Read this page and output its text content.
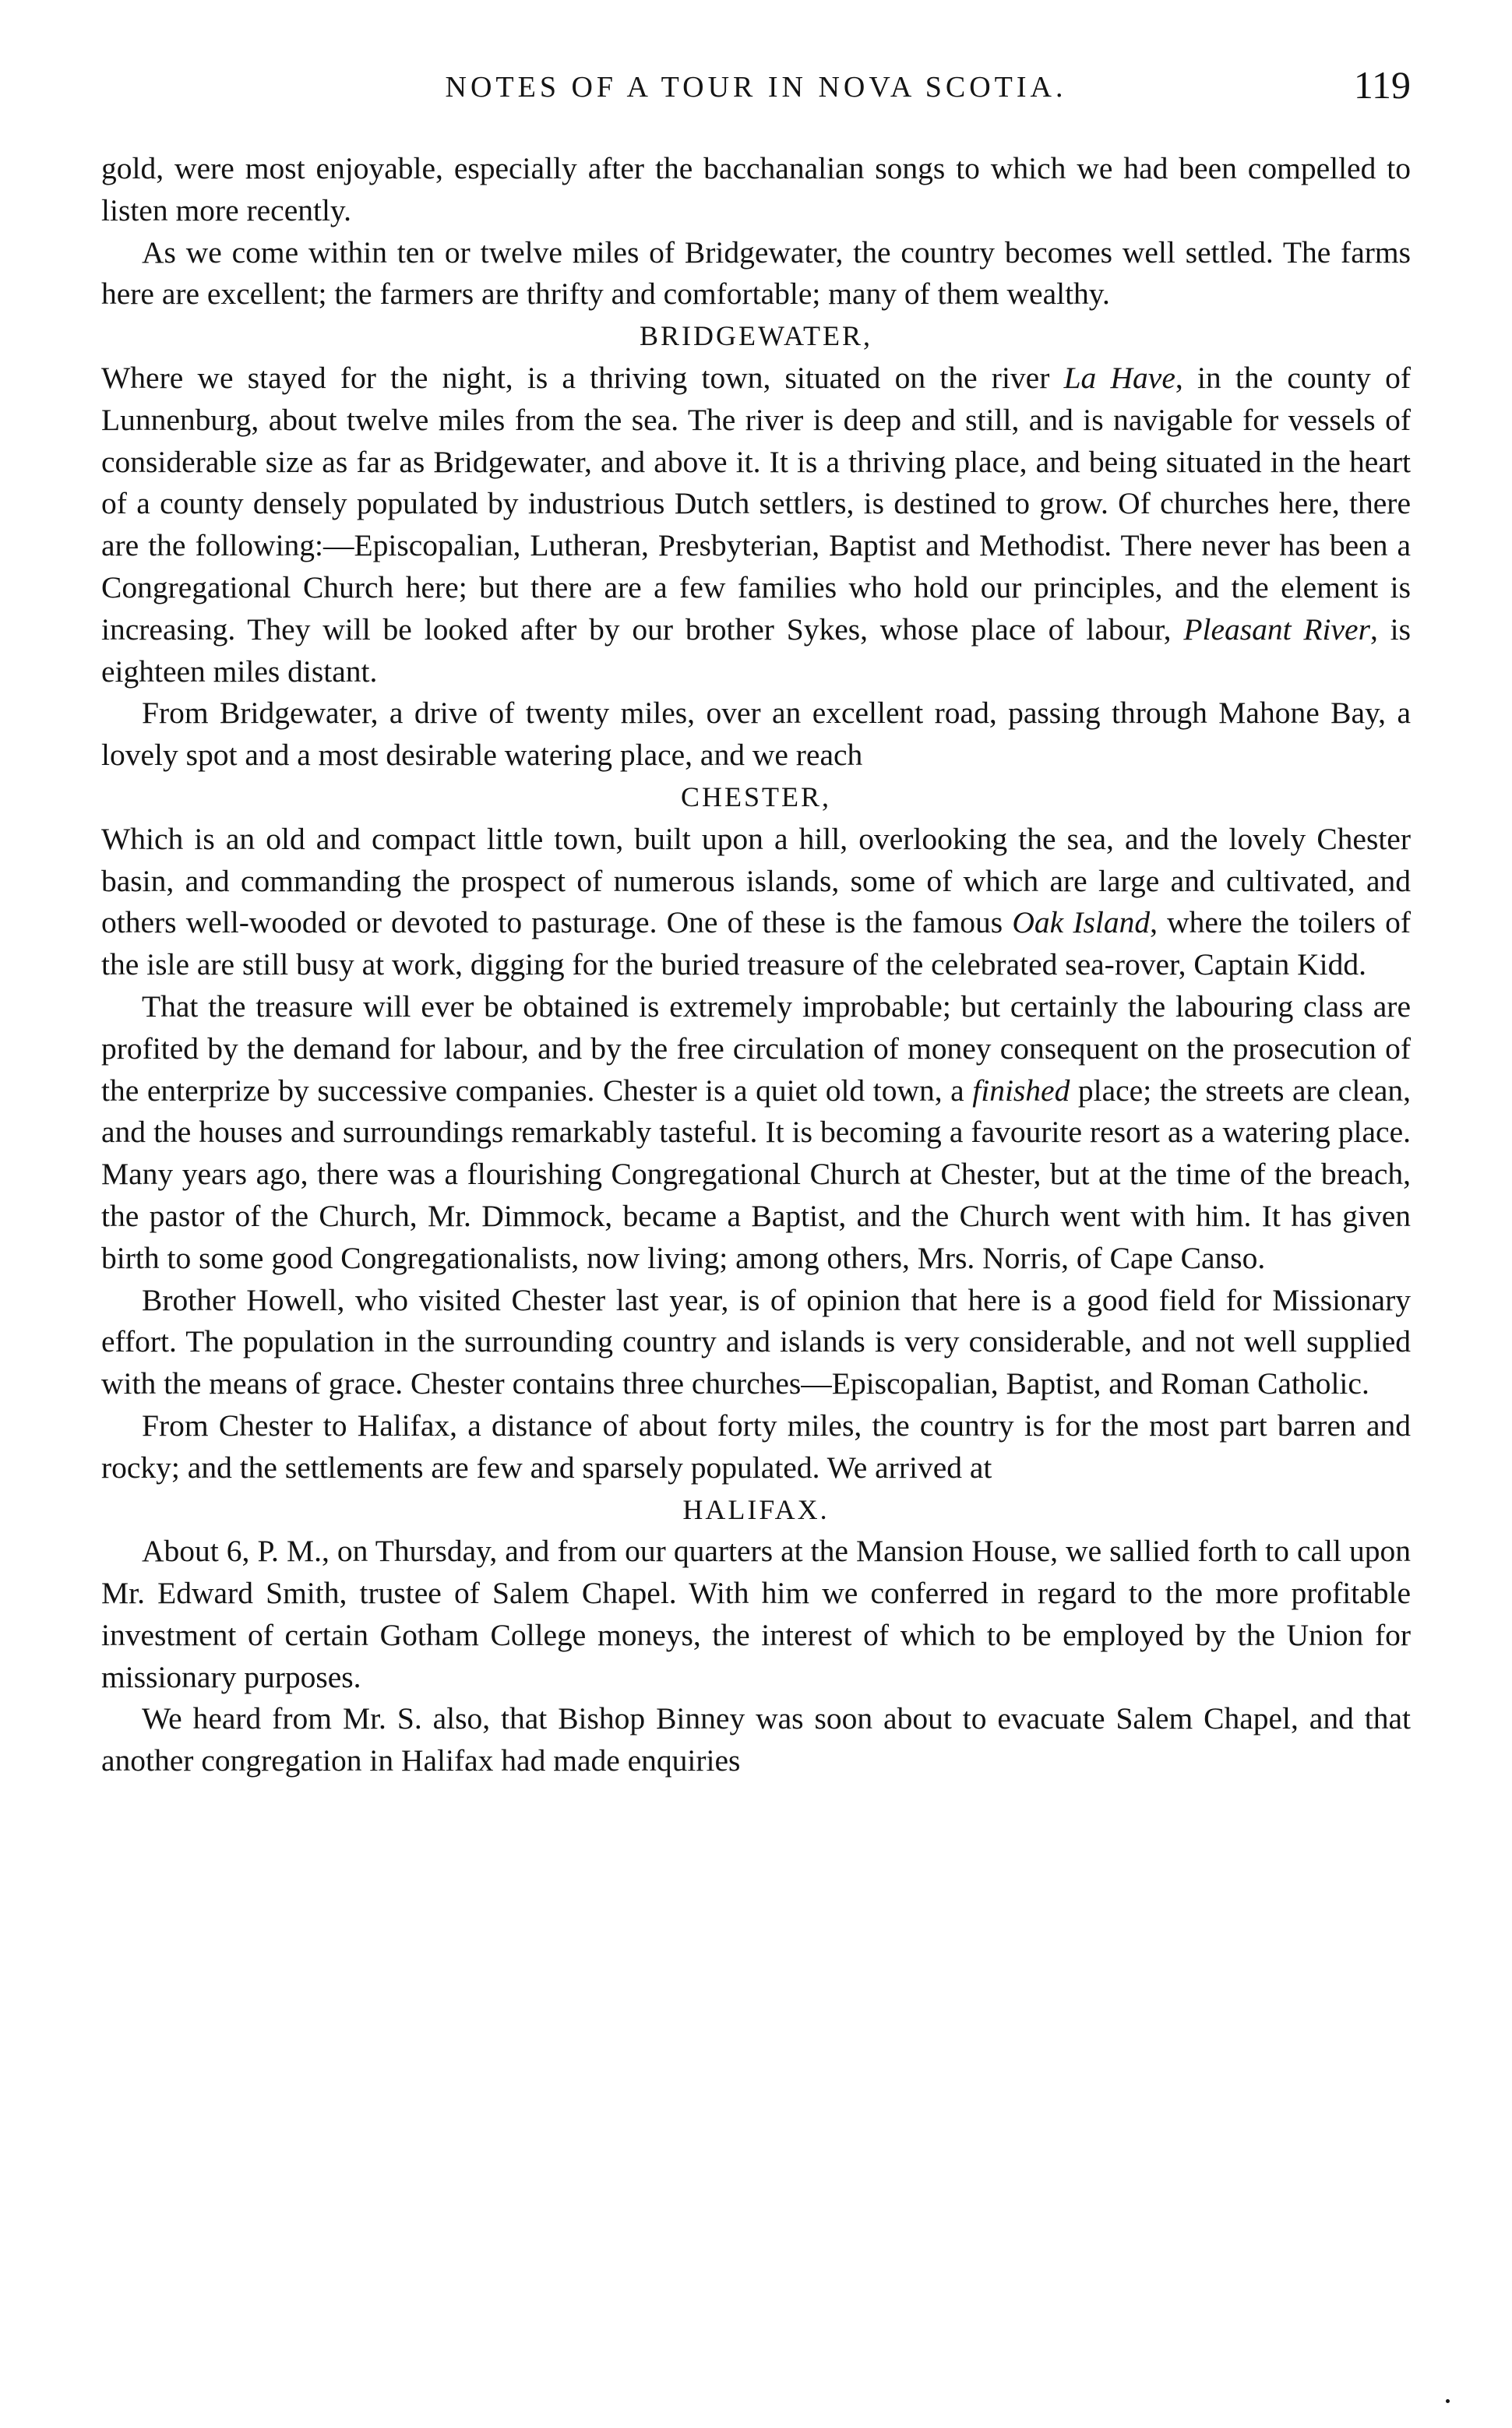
NOTES OF A TOUR IN NOVA SCOTIA.	119

gold, were most enjoyable, especially after the bacchanalian songs to which we had been compelled to listen more recently.

As we come within ten or twelve miles of Bridgewater, the country becomes well settled. The farms here are excellent; the farmers are thrifty and comfortable; many of them wealthy.

BRIDGEWATER,

Where we stayed for the night, is a thriving town, situated on the river La Have, in the county of Lunnenburg, about twelve miles from the sea. The river is deep and still, and is navigable for vessels of considerable size as far as Bridgewater, and above it. It is a thriving place, and being situated in the heart of a county densely populated by industrious Dutch settlers, is destined to grow. Of churches here, there are the following:—Episcopalian, Lutheran, Presbyterian, Baptist and Methodist. There never has been a Congregational Church here; but there are a few families who hold our principles, and the element is increasing. They will be looked after by our brother Sykes, whose place of labour, Pleasant River, is eighteen miles distant.

From Bridgewater, a drive of twenty miles, over an excellent road, passing through Mahone Bay, a lovely spot and a most desirable watering place, and we reach

CHESTER,

Which is an old and compact little town, built upon a hill, overlooking the sea, and the lovely Chester basin, and commanding the prospect of numerous islands, some of which are large and cultivated, and others well-wooded or devoted to pasturage. One of these is the famous Oak Island, where the toilers of the isle are still busy at work, digging for the buried treasure of the celebrated sea-rover, Captain Kidd.

That the treasure will ever be obtained is extremely improbable; but certainly the labouring class are profited by the demand for labour, and by the free circulation of money consequent on the prosecution of the enterprize by successive companies. Chester is a quiet old town, a finished place; the streets are clean, and the houses and surroundings remarkably tasteful. It is becoming a favourite resort as a watering place. Many years ago, there was a flourishing Congregational Church at Chester, but at the time of the breach, the pastor of the Church, Mr. Dimmock, became a Baptist, and the Church went with him. It has given birth to some good Congregationalists, now living; among others, Mrs. Norris, of Cape Canso.

Brother Howell, who visited Chester last year, is of opinion that here is a good field for Missionary effort. The population in the surrounding country and islands is very considerable, and not well supplied with the means of grace. Chester contains three churches—Episcopalian, Baptist, and Roman Catholic.

From Chester to Halifax, a distance of about forty miles, the country is for the most part barren and rocky; and the settlements are few and sparsely populated. We arrived at

HALIFAX.

About 6, P. M., on Thursday, and from our quarters at the Mansion House, we sallied forth to call upon Mr. Edward Smith, trustee of Salem Chapel. With him we conferred in regard to the more profitable investment of certain Gotham College moneys, the interest of which to be employed by the Union for missionary purposes.

We heard from Mr. S. also, that Bishop Binney was soon about to evacuate Salem Chapel, and that another congregation in Halifax had made enquiries
